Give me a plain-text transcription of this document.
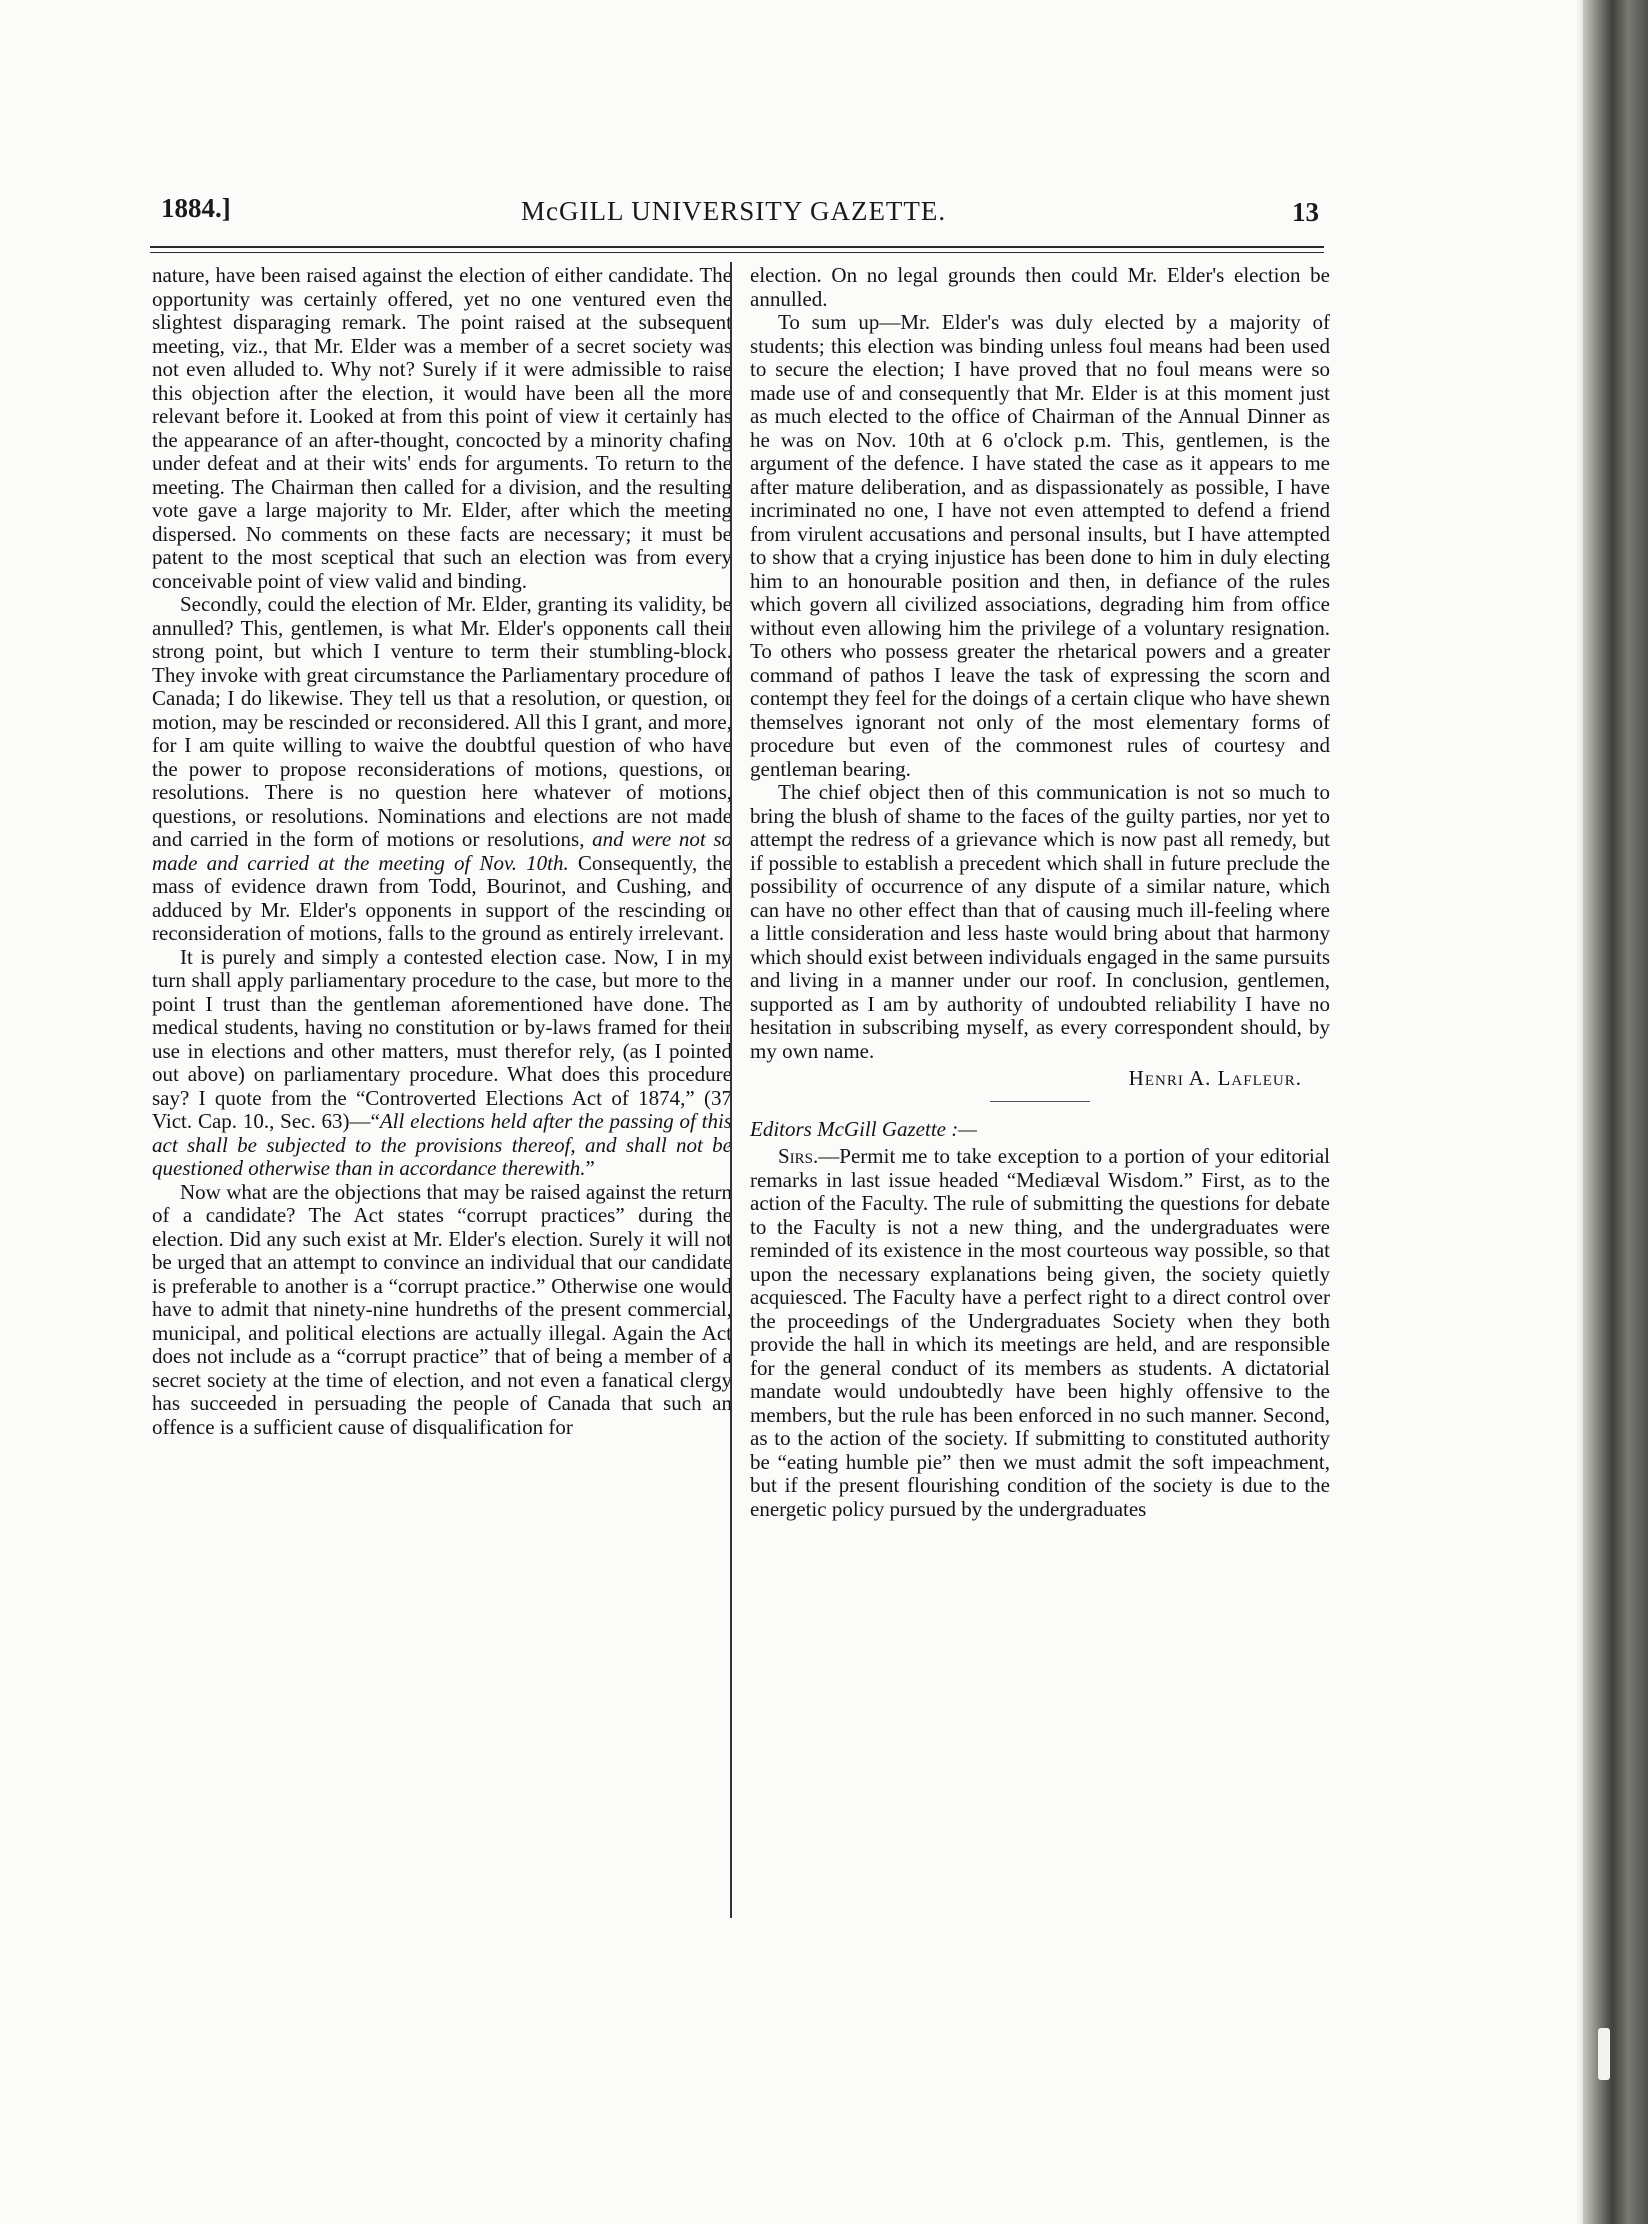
1884.]	McGILL UNIVERSITY GAZETTE.	13

nature, have been raised against the election of either candidate. The opportunity was certainly offered, yet no one ventured even the slightest disparaging remark. The point raised at the subsequent meeting, viz., that Mr. Elder was a member of a secret society was not even alluded to. Why not? Surely if it were admissible to raise this objection after the election, it would have been all the more relevant before it. Looked at from this point of view it certainly has the appearance of an after-thought, concocted by a minority chafing under defeat and at their wits' ends for arguments. To return to the meeting. The Chairman then called for a division, and the resulting vote gave a large majority to Mr. Elder, after which the meeting dispersed. No comments on these facts are necessary; it must be patent to the most sceptical that such an election was from every conceivable point of view valid and binding.

Secondly, could the election of Mr. Elder, granting its validity, be annulled? This, gentlemen, is what Mr. Elder's opponents call their strong point, but which I venture to term their stumbling-block. They invoke with great circumstance the Parliamentary procedure of Canada; I do likewise. They tell us that a resolution, or question, or motion, may be rescinded or reconsidered. All this I grant, and more, for I am quite willing to waive the doubtful question of who have the power to propose reconsiderations of motions, questions, or resolutions. There is no question here whatever of motions, questions, or resolutions. Nominations and elections are not made and carried in the form of motions or resolutions, and were not so made and carried at the meeting of Nov. 10th. Consequently, the mass of evidence drawn from Todd, Bourinot, and Cushing, and adduced by Mr. Elder's opponents in support of the rescinding or reconsideration of motions, falls to the ground as entirely irrelevant.

It is purely and simply a contested election case. Now, I in my turn shall apply parliamentary procedure to the case, but more to the point I trust than the gentleman aforementioned have done. The medical students, having no constitution or by-laws framed for their use in elections and other matters, must therefor rely, (as I pointed out above) on parliamentary procedure. What does this procedure say? I quote from the “Controverted Elections Act of 1874,” (37 Vict. Cap. 10., Sec. 63)—“All elections held after the passing of this act shall be subjected to the provisions thereof, and shall not be questioned otherwise than in accordance therewith.”

Now what are the objections that may be raised against the return of a candidate? The Act states “corrupt practices” during the election. Did any such exist at Mr. Elder's election. Surely it will not be urged that an attempt to convince an individual that our candidate is preferable to another is a “corrupt practice.” Otherwise one would have to admit that ninety-nine hundreths of the present commercial, municipal, and political elections are actually illegal. Again the Act does not include as a “corrupt practice” that of being a member of a secret society at the time of election, and not even a fanatical clergy has succeeded in persuading the people of Canada that such an offence is a sufficient cause of disqualification for

election. On no legal grounds then could Mr. Elder's election be annulled.

To sum up—Mr. Elder's was duly elected by a majority of students; this election was binding unless foul means had been used to secure the election; I have proved that no foul means were so made use of and consequently that Mr. Elder is at this moment just as much elected to the office of Chairman of the Annual Dinner as he was on Nov. 10th at 6 o'clock p.m. This, gentlemen, is the argument of the defence. I have stated the case as it appears to me after mature deliberation, and as dispassionately as possible, I have incriminated no one, I have not even attempted to defend a friend from virulent accusations and personal insults, but I have attempted to show that a crying injustice has been done to him in duly electing him to an honourable position and then, in defiance of the rules which govern all civilized associations, degrading him from office without even allowing him the privilege of a voluntary resignation. To others who possess greater the rhetarical powers and a greater command of pathos I leave the task of expressing the scorn and contempt they feel for the doings of a certain clique who have shewn themselves ignorant not only of the most elementary forms of procedure but even of the commonest rules of courtesy and gentleman bearing.

The chief object then of this communication is not so much to bring the blush of shame to the faces of the guilty parties, nor yet to attempt the redress of a grievance which is now past all remedy, but if possible to establish a precedent which shall in future preclude the possibility of occurrence of any dispute of a similar nature, which can have no other effect than that of causing much ill-feeling where a little consideration and less haste would bring about that harmony which should exist between individuals engaged in the same pursuits and living in a manner under our roof. In conclusion, gentlemen, supported as I am by authority of undoubted reliability I have no hesitation in subscribing myself, as every correspondent should, by my own name.

Henri A. Lafleur.

Editors McGill Gazette :—

Sirs.—Permit me to take exception to a portion of your editorial remarks in last issue headed “Mediæval Wisdom.” First, as to the action of the Faculty. The rule of submitting the questions for debate to the Faculty is not a new thing, and the undergraduates were reminded of its existence in the most courteous way possible, so that upon the necessary explanations being given, the society quietly acquiesced. The Faculty have a perfect right to a direct control over the proceedings of the Undergraduates Society when they both provide the hall in which its meetings are held, and are responsible for the general conduct of its members as students. A dictatorial mandate would undoubtedly have been highly offensive to the members, but the rule has been enforced in no such manner. Second, as to the action of the society. If submitting to constituted authority be “eating humble pie” then we must admit the soft impeachment, but if the present flourishing condition of the society is due to the energetic policy pursued by the undergraduates
